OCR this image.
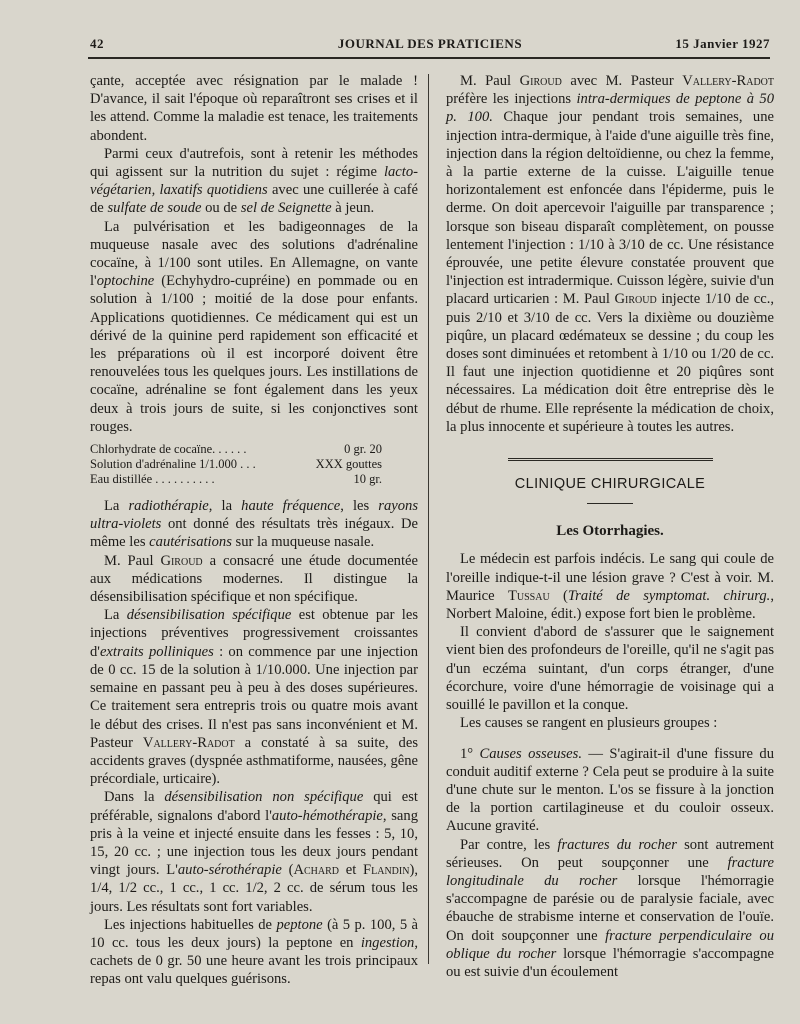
42	JOURNAL DES PRATICIENS	15 Janvier 1927

çante, acceptée avec résignation par le malade ! D'avance, il sait l'époque où reparaîtront ses crises et il les attend. Comme la maladie est tenace, les traitements abondent.

Parmi ceux d'autrefois, sont à retenir les méthodes qui agissent sur la nutrition du sujet : régime lacto-végétarien, laxatifs quotidiens avec une cuillerée à café de sulfate de soude ou de sel de Seignette à jeun.

La pulvérisation et les badigeonnages de la muqueuse nasale avec des solutions d'adrénaline cocaïne, à 1/100 sont utiles. En Allemagne, on vante l'optochine (Echyhydro-cupréine) en pommade ou en solution à 1/100 ; moitié de la dose pour enfants. Applications quotidiennes. Ce médicament qui est un dérivé de la quinine perd rapidement son efficacité et les préparations où il est incorporé doivent être renouvelées tous les quelques jours. Les instillations de cocaïne, adrénaline se font également dans les yeux deux à trois jours de suite, si les conjonctives sont rouges.

Chlorhydrate de cocaïne. . . . . .	0 gr. 20
Solution d'adrénaline 1/1.000 . . .	XXX gouttes
Eau distillée . . . . . . . . . .	10 gr.

La radiothérapie, la haute fréquence, les rayons ultra-violets ont donné des résultats très inégaux. De même les cautérisations sur la muqueuse nasale.

M. Paul Giroud a consacré une étude documentée aux médications modernes. Il distingue la désensibilisation spécifique et non spécifique.

La désensibilisation spécifique est obtenue par les injections préventives progressivement croissantes d'extraits polliniques : on commence par une injection de 0 cc. 15 de la solution à 1/10.000. Une injection par semaine en passant peu à peu à des doses supérieures. Ce traitement sera entrepris trois ou quatre mois avant le début des crises. Il n'est pas sans inconvénient et M. Pasteur Vallery-Radot a constaté à sa suite, des accidents graves (dyspnée asthmatiforme, nausées, gêne précordiale, urticaire).

Dans la désensibilisation non spécifique qui est préférable, signalons d'abord l'auto-hémothérapie, sang pris à la veine et injecté ensuite dans les fesses : 5, 10, 15, 20 cc. ; une injection tous les deux jours pendant vingt jours. L'auto-sérothérapie (Achard et Flandin), 1/4, 1/2 cc., 1 cc., 1 cc. 1/2, 2 cc. de sérum tous les jours. Les résultats sont fort variables.

Les injections habituelles de peptone (à 5 p. 100, 5 à 10 cc. tous les deux jours) la peptone en ingestion, cachets de 0 gr. 50 une heure avant les trois principaux repas ont valu quelques guérisons.

M. Paul Giroud avec M. Pasteur Vallery-Radot préfère les injections intra-dermiques de peptone à 50 p. 100. Chaque jour pendant trois semaines, une injection intra-dermique, à l'aide d'une aiguille très fine, injection dans la région deltoïdienne, ou chez la femme, à la partie externe de la cuisse. L'aiguille tenue horizontalement est enfoncée dans l'épiderme, puis le derme. On doit apercevoir l'aiguille par transparence ; lorsque son biseau disparaît complètement, on pousse lentement l'injection : 1/10 à 3/10 de cc. Une résistance éprouvée, une petite élevure constatée prouvent que l'injection est intradermique. Cuisson légère, suivie d'un placard urticarien : M. Paul Giroud injecte 1/10 de cc., puis 2/10 et 3/10 de cc. Vers la dixième ou douzième piqûre, un placard œdémateux se dessine ; du coup les doses sont diminuées et retombent à 1/10 ou 1/20 de cc. Il faut une injection quotidienne et 20 piqûres sont nécessaires. La médication doit être entreprise dès le début de rhume. Elle représente la médication de choix, la plus innocente et supérieure à toutes les autres.

CLINIQUE CHIRURGICALE
Les Otorrhagies.

Le médecin est parfois indécis. Le sang qui coule de l'oreille indique-t-il une lésion grave ? C'est à voir. M. Maurice Tussau (Traité de symptomat. chirurg., Norbert Maloine, édit.) expose fort bien le problème.

Il convient d'abord de s'assurer que le saignement vient bien des profondeurs de l'oreille, qu'il ne s'agit pas d'un eczéma suintant, d'un corps étranger, d'une écorchure, voire d'une hémorragie de voisinage qui a souillé le pavillon et la conque.

Les causes se rangent en plusieurs groupes :

1° Causes osseuses. — S'agirait-il d'une fissure du conduit auditif externe ? Cela peut se produire à la suite d'une chute sur le menton. L'os se fissure à la jonction de la portion cartilagineuse et du couloir osseux. Aucune gravité.

Par contre, les fractures du rocher sont autrement sérieuses. On peut soupçonner une fracture longitudinale du rocher lorsque l'hémorragie s'accompagne de parésie ou de paralysie faciale, avec ébauche de strabisme interne et conservation de l'ouïe. On doit soupçonner une fracture perpendiculaire ou oblique du rocher lorsque l'hémorragie s'accompagne ou est suivie d'un écoulement
